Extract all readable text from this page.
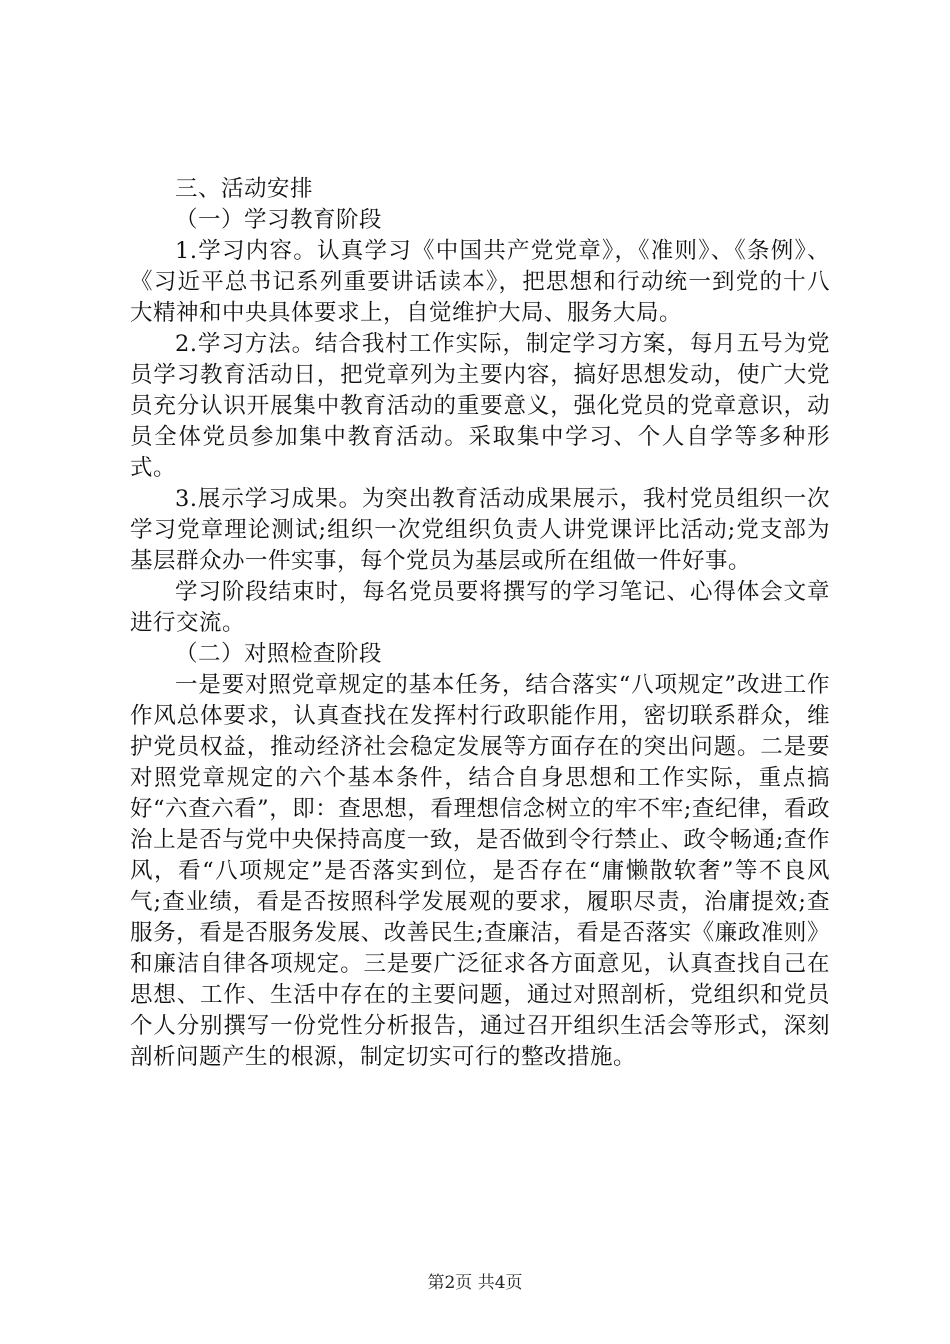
三、活动安排

（一）学习教育阶段

1.学习内容。认真学习《中国共产党党章》，《准则》、《条例》、《习近平总书记系列重要讲话读本》，把思想和行动统一到党的十八大精神和中央具体要求上，自觉维护大局、服务大局。

2.学习方法。结合我村工作实际，制定学习方案，每月五号为党员学习教育活动日，把党章列为主要内容，搞好思想发动，使广大党员充分认识开展集中教育活动的重要意义，强化党员的党章意识，动员全体党员参加集中教育活动。采取集中学习、个人自学等多种形式。

3.展示学习成果。为突出教育活动成果展示，我村党员组织一次学习党章理论测试;组织一次党组织负责人讲党课评比活动;党支部为基层群众办一件实事，每个党员为基层或所在组做一件好事。

学习阶段结束时，每名党员要将撰写的学习笔记、心得体会文章进行交流。

（二）对照检查阶段

一是要对照党章规定的基本任务，结合落实“八项规定”改进工作作风总体要求，认真查找在发挥村行政职能作用，密切联系群众，维护党员权益，推动经济社会稳定发展等方面存在的突出问题。二是要对照党章规定的六个基本条件，结合自身思想和工作实际，重点搞好“六查六看”，即：查思想，看理想信念树立的牢不牢;查纪律，看政治上是否与党中央保持高度一致，是否做到令行禁止、政令畅通;查作风，看“八项规定”是否落实到位，是否存在“庸懒散软奢”等不良风气;查业绩，看是否按照科学发展观的要求，履职尽责，治庸提效;查服务，看是否服务发展、改善民生;查廉洁，看是否落实《廉政准则》和廉洁自律各项规定。三是要广泛征求各方面意见，认真查找自己在思想、工作、生活中存在的主要问题，通过对照剖析，党组织和党员个人分别撰写一份党性分析报告，通过召开组织生活会等形式，深刻剖析问题产生的根源，制定切实可行的整改措施。

第2页 共4页
